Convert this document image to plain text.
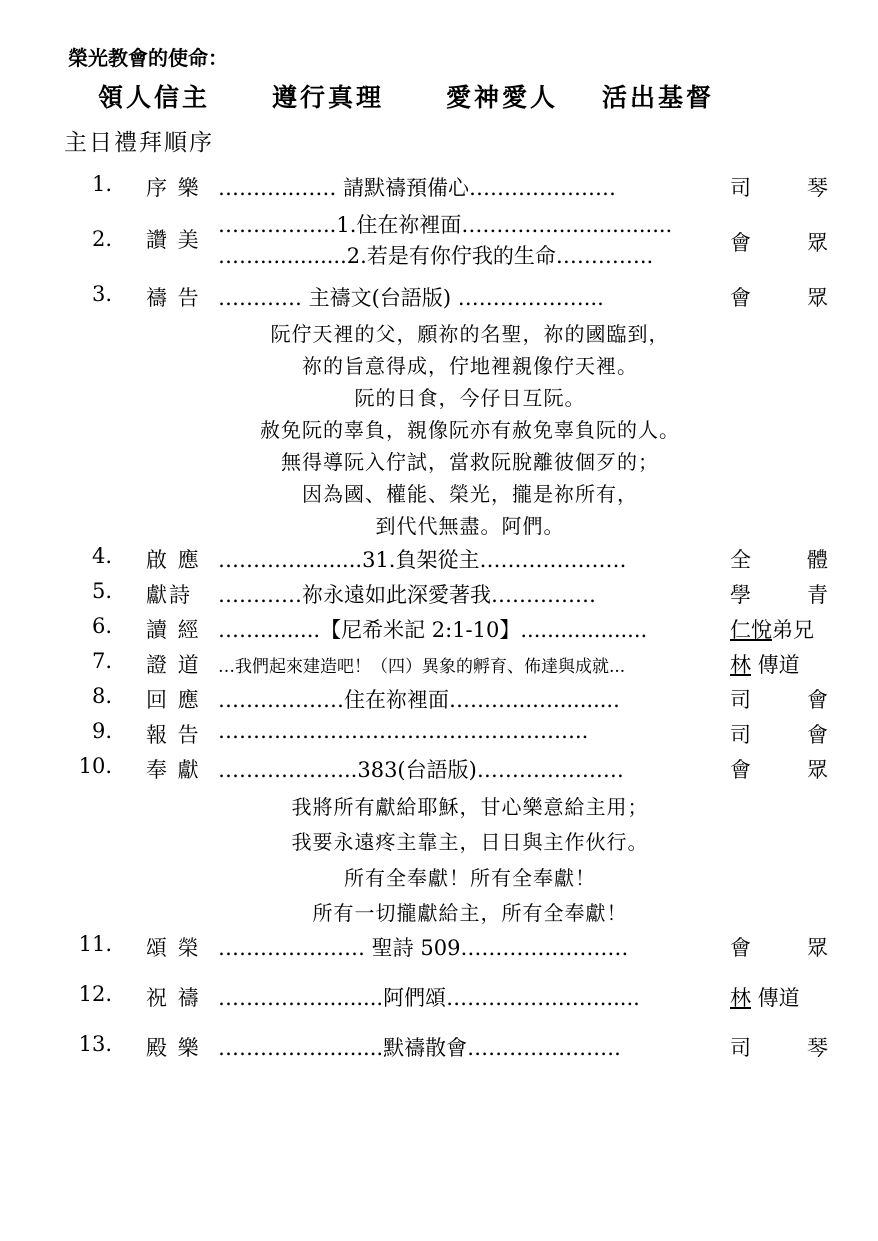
榮光教會的使命：
領人信主 遵行真理 愛神愛人 活出基督
主日禮拜順序
1. 序 樂 ………..…… 請默禱預備心…………………	司　琴
2. 讚 美
……………..1.住在祢裡面…………...................
…….............2.若是有你佇我的生命…………..
會　眾
3. 禱 告 ………… 主禱文(台語版) ………………...	會　眾
阮佇天裡的父，願祢的名聖，祢的國臨到，
祢的旨意得成，佇地裡親像佇天裡。
阮的日食，今仔日互阮。
赦免阮的辜負，親像阮亦有赦免辜負阮的人。
無得導阮入佇試，當救阮脫離彼個歹的；
因為國、權能、榮光，攏是祢所有，
到代代無盡。阿們。
4. 啟 應 ………….........31.負架從主…………………	全　體
5. 獻詩 …………祢永遠如此深愛著我……………	學　青
6. 讀 經 …….........【尼希米記 2:1-10】...................	仁悅弟兄
7. 證 道 …我們起來建造吧！（四）異象的孵育、佈達與成就...	林 傳道
8. 回 應 ………………住在祢裡面………...…..........	司　會
9. 報 告 ……………………………………………..	司　會
10. 奉 獻 ………………..383(台語版)…………………	會　眾
我將所有獻給耶穌，甘心樂意給主用；
我要永遠疼主靠主，日日與主作伙行。
所有全奉獻！所有全奉獻！
所有一切攏獻給主，所有全奉獻！
11. 頌 榮 ………………… 聖詩 509……………………	會　眾
12. 祝 禱 …………….........阿們頌…………….……......	林 傳道
13. 殿 樂 …………….........默禱散會………………….	司　琴
